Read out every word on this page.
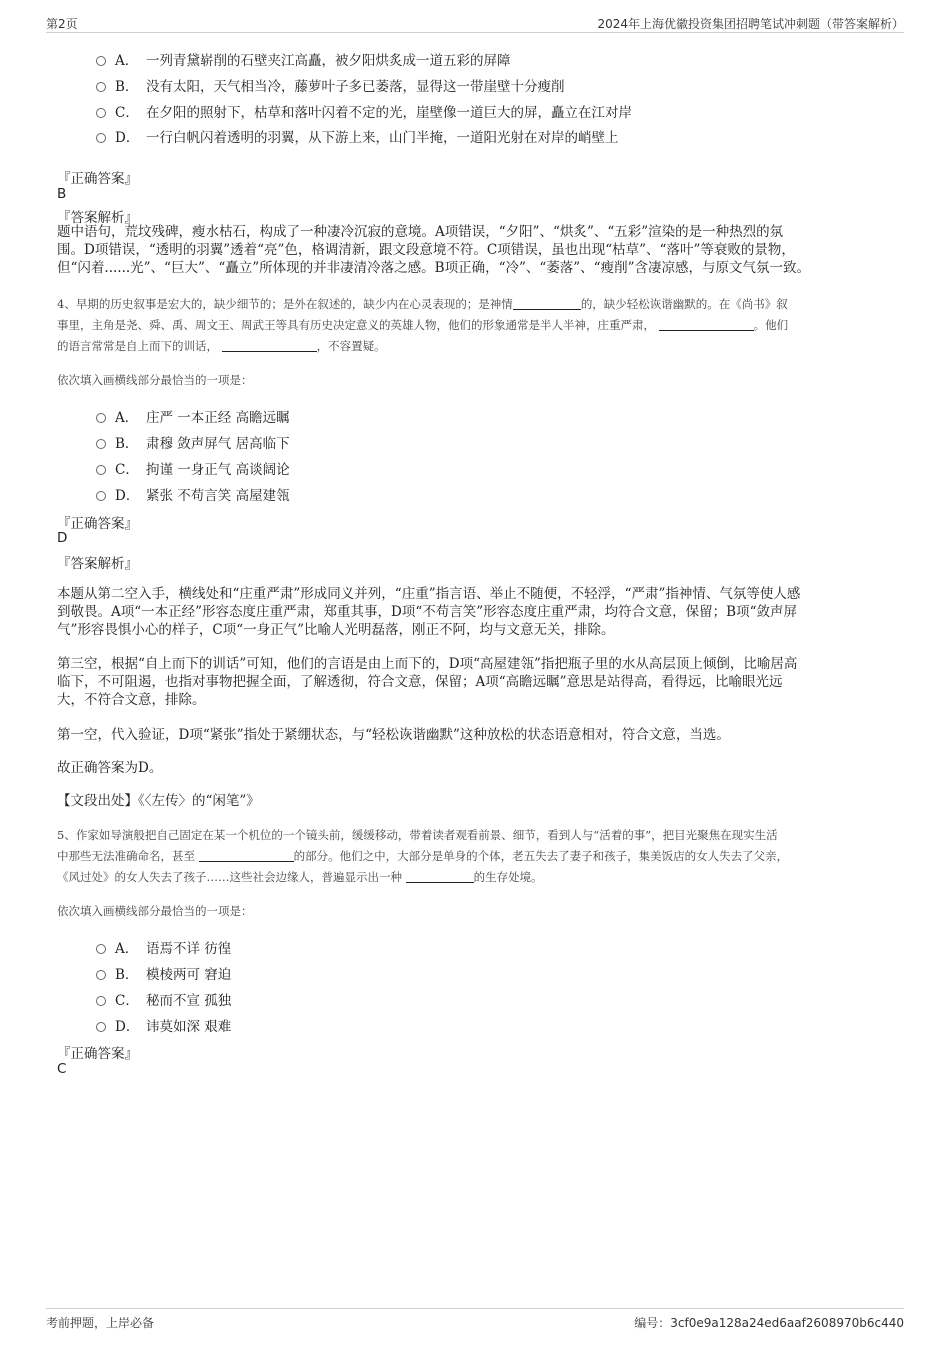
第2页	2024年上海优徽投资集团招聘笔试冲刺题（带答案解析）
A． 一列青黛崭削的石壁夹江高矗，被夕阳烘炙成一道五彩的屏障
B． 没有太阳，天气相当冷，藤萝叶子多已萎落，显得这一带崖壁十分瘦削
C． 在夕阳的照射下，枯草和落叶闪着不定的光，崖壁像一道巨大的屏，矗立在江对岸
D． 一行白帆闪着透明的羽翼，从下游上来，山门半掩，一道阳光射在对岸的峭壁上
『正确答案』
B
『答案解析』
题中语句，荒坟残碑，瘦水枯石，构成了一种凄冷沉寂的意境。A项错误，“夕阳”、“烘炙”、“五彩”渲染的是一种热烈的氛
围。D项错误，“透明的羽翼”透着“亮”色，格调清新，跟文段意境不符。C项错误，虽也出现“枯草”、“落叶”等衰败的景物，
但“闪着......光”、“巨大”、“矗立”所体现的并非凄清冷落之感。B项正确，“冷”、“萎落”、“瘦削”含凄凉感，与原文气氛一致。
4、早期的历史叙事是宏大的，缺少细节的；是外在叙述的，缺少内在心灵表现的；是神情	的，缺少轻松诙谐幽默的。在《尚书》叙
事里，主角是尧、舜、禹、周文王、周武王等具有历史决定意义的英雄人物，他们的形象通常是半人半神，庄重严肃，	。他们
的语言常常是自上而下的训话，	，不容置疑。
依次填入画横线部分最恰当的一项是：
A． 庄严 一本正经 高瞻远瞩
B． 肃穆 敛声屏气 居高临下
C． 拘谨 一身正气 高谈阔论
D． 紧张 不苟言笑 高屋建瓴
『正确答案』
D
『答案解析』
本题从第二空入手，横线处和“庄重严肃”形成同义并列，“庄重”指言语、举止不随便，不轻浮，“严肃”指神情、气氛等使人感
到敬畏。A项“一本正经”形容态度庄重严肃，郑重其事，D项“不苟言笑”形容态度庄重严肃，均符合文意，保留；B项“敛声屏
气”形容畏惧小心的样子，C项“一身正气”比喻人光明磊落，刚正不阿，均与文意无关，排除。
第三空，根据“自上而下的训话”可知，他们的言语是由上而下的，D项“高屋建瓴”指把瓶子里的水从高层顶上倾倒，比喻居高
临下，不可阻遏，也指对事物把握全面，了解透彻，符合文意，保留；A项“高瞻远瞩”意思是站得高，看得远，比喻眼光远
大，不符合文意，排除。
第一空，代入验证，D项“紧张”指处于紧绷状态，与“轻松诙谐幽默”这种放松的状态语意相对，符合文意，当选。
故正确答案为D。
【文段出处】《〈左传〉的“闲笔”》
5、作家如导演般把自己固定在某一个机位的一个镜头前，缓缓移动，带着读者观看前景、细节，看到人与“活着的事”，把目光聚焦在现实生活
中那些无法准确命名，甚至	的部分。他们之中，大部分是单身的个体，老五失去了妻子和孩子，集美饭店的女人失去了父亲，
《风过处》的女人失去了孩子……这些社会边缘人，普遍显示出一种	的生存处境。
依次填入画横线部分最恰当的一项是：
A． 语焉不详 彷徨
B． 模棱两可 窘迫
C． 秘而不宣 孤独
D． 讳莫如深 艰难
『正确答案』
C
考前押题，上岸必备	编号：3cf0e9a128a24ed6aaf2608970b6c440
